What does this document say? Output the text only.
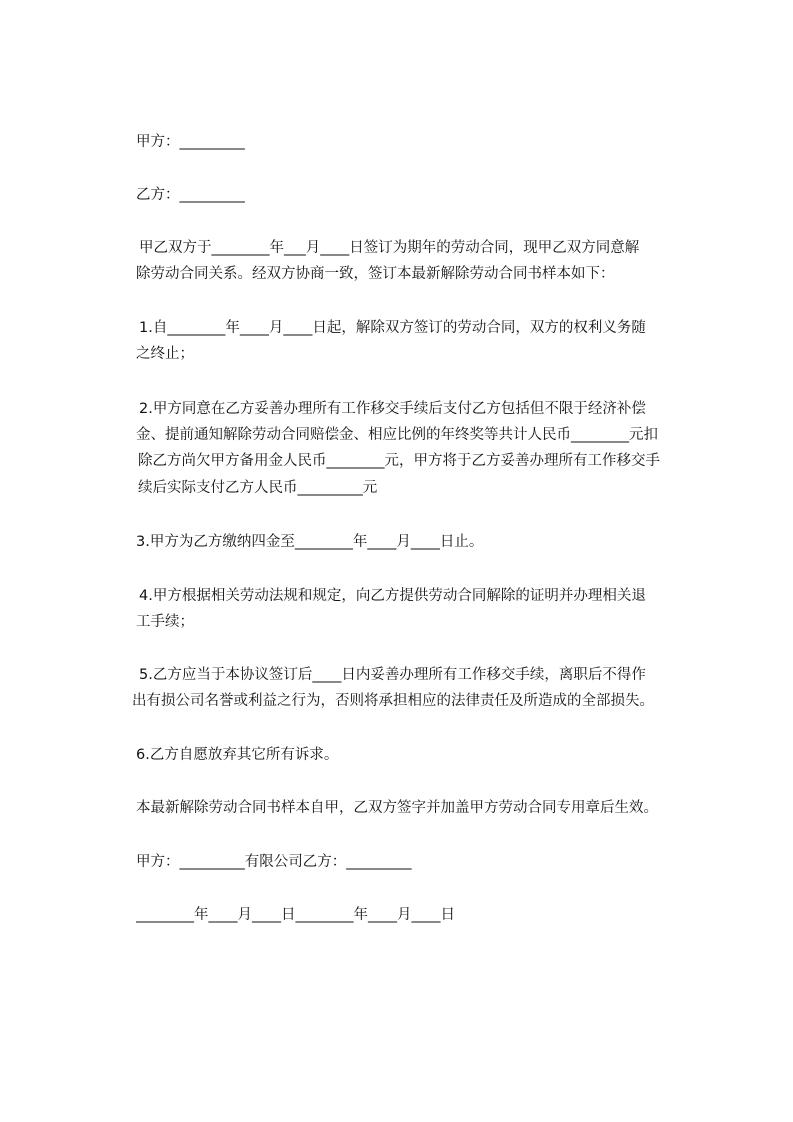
甲方：_________
乙方：_________
甲乙双方于________年___月____日签订为期年的劳动合同，现甲乙双方同意解
除劳动合同关系。经双方协商一致，签订本最新解除劳动合同书样本如下：
1.自________年____月____日起，解除双方签订的劳动合同，双方的权利义务随
之终止；
2.甲方同意在乙方妥善办理所有工作移交手续后支付乙方包括但不限于经济补偿
金、提前通知解除劳动合同赔偿金、相应比例的年终奖等共计人民币________元扣
除乙方尚欠甲方备用金人民币________元，甲方将于乙方妥善办理所有工作移交手
续后实际支付乙方人民币_________元
3.甲方为乙方缴纳四金至________年____月____日止。
4.甲方根据相关劳动法规和规定，向乙方提供劳动合同解除的证明并办理相关退
工手续；
5.乙方应当于本协议签订后____日内妥善办理所有工作移交手续，离职后不得作
出有损公司名誉或利益之行为，否则将承担相应的法律责任及所造成的全部损失。
6.乙方自愿放弃其它所有诉求。
本最新解除劳动合同书样本自甲，乙双方签字并加盖甲方劳动合同专用章后生效。
甲方：_________有限公司乙方：_________
________年____月____日________年____月____日
